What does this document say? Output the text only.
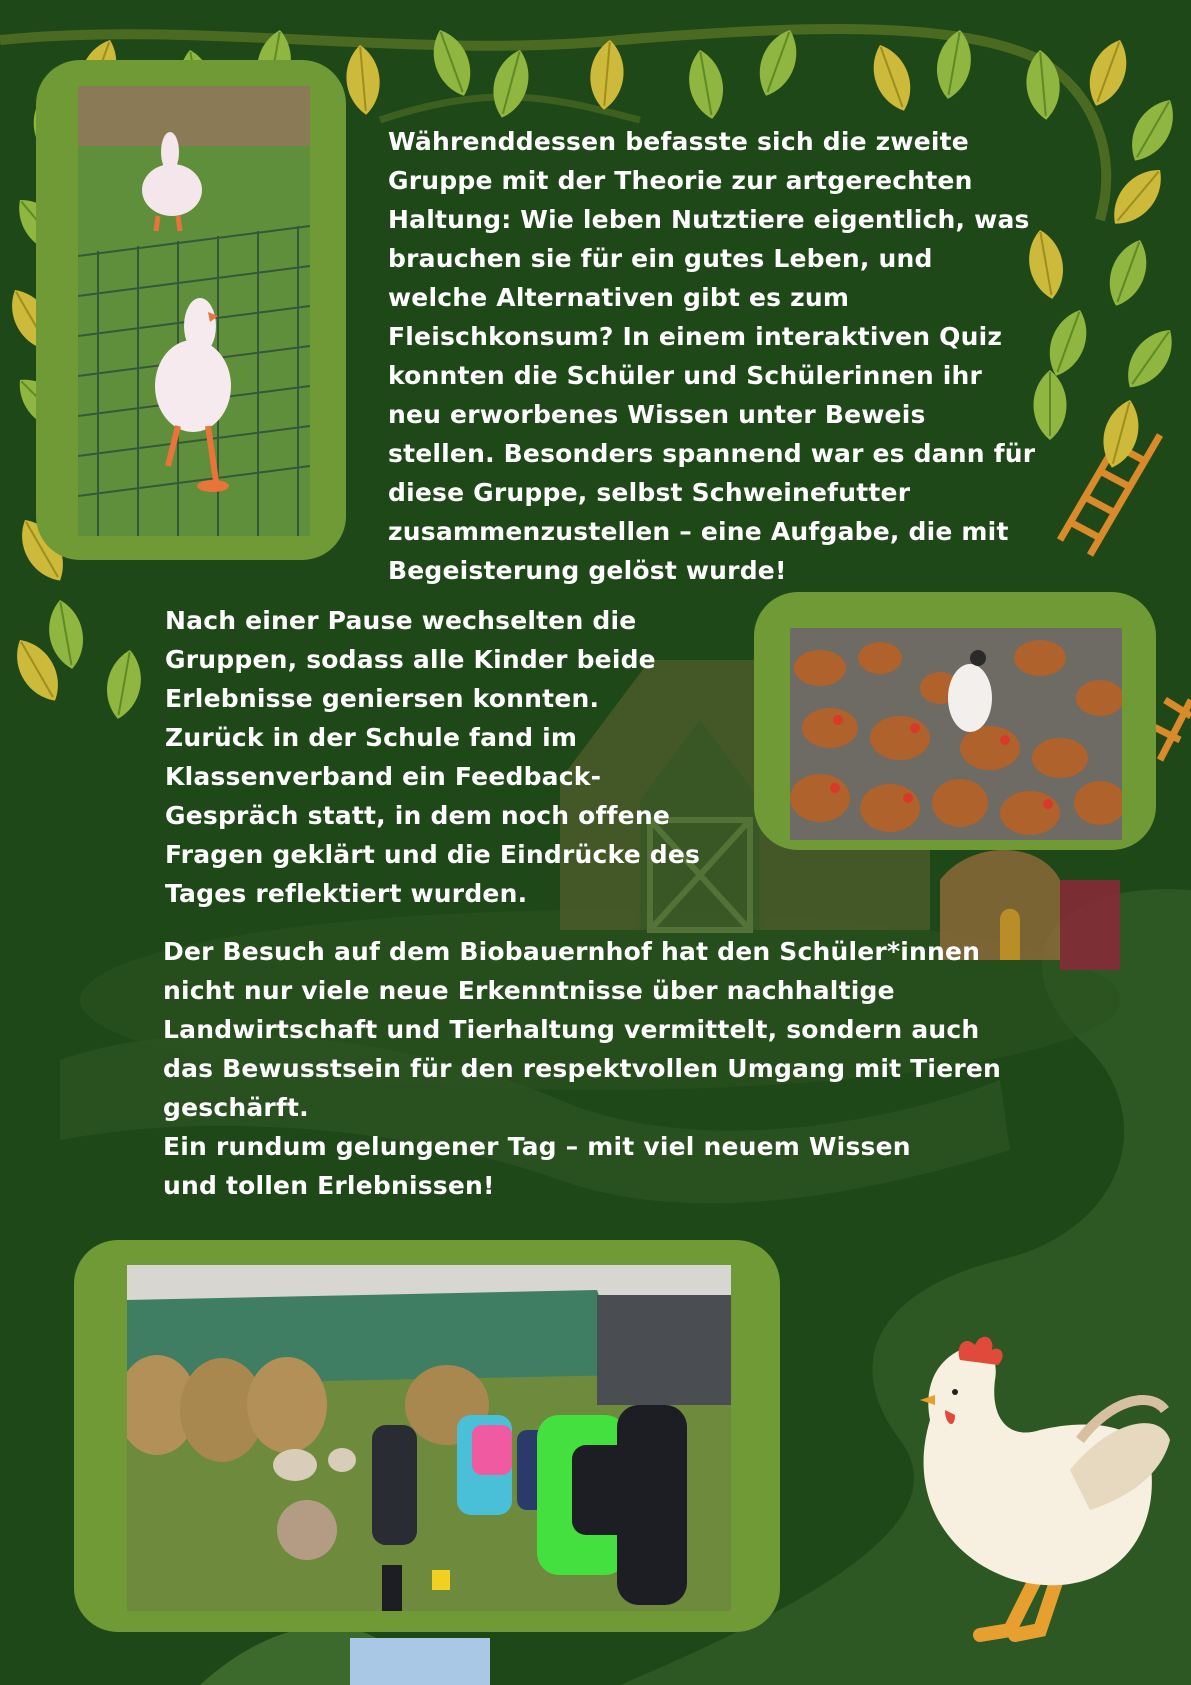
Währenddessen befasste sich die zweite Gruppe mit der Theorie zur artgerechten Haltung: Wie leben Nutztiere eigentlich, was brauchen sie für ein gutes Leben, und welche Alternativen gibt es zum Fleischkonsum? In einem interaktiven Quiz konnten die Schüler und Schülerinnen ihr neu erworbenes Wissen unter Beweis stellen. Besonders spannend war es dann für diese Gruppe, selbst Schweinefutter zusammenzustellen – eine Aufgabe, die mit Begeisterung gelöst wurde!

Nach einer Pause wechselten die Gruppen, sodass alle Kinder beide Erlebnisse geniersen konnten. Zurück in der Schule fand im Klassenverband ein Feedback-Gespräch statt, in dem noch offene Fragen geklärt und die Eindrücke des Tages reflektiert wurden.

Der Besuch auf dem Biobauernhof hat den Schüler*innen nicht nur viele neue Erkenntnisse über nachhaltige Landwirtschaft und Tierhaltung vermittelt, sondern auch das Bewusstsein für den respektvollen Umgang mit Tieren geschärft.

Ein rundum gelungener Tag – mit viel neuem Wissen und tollen Erlebnissen!
